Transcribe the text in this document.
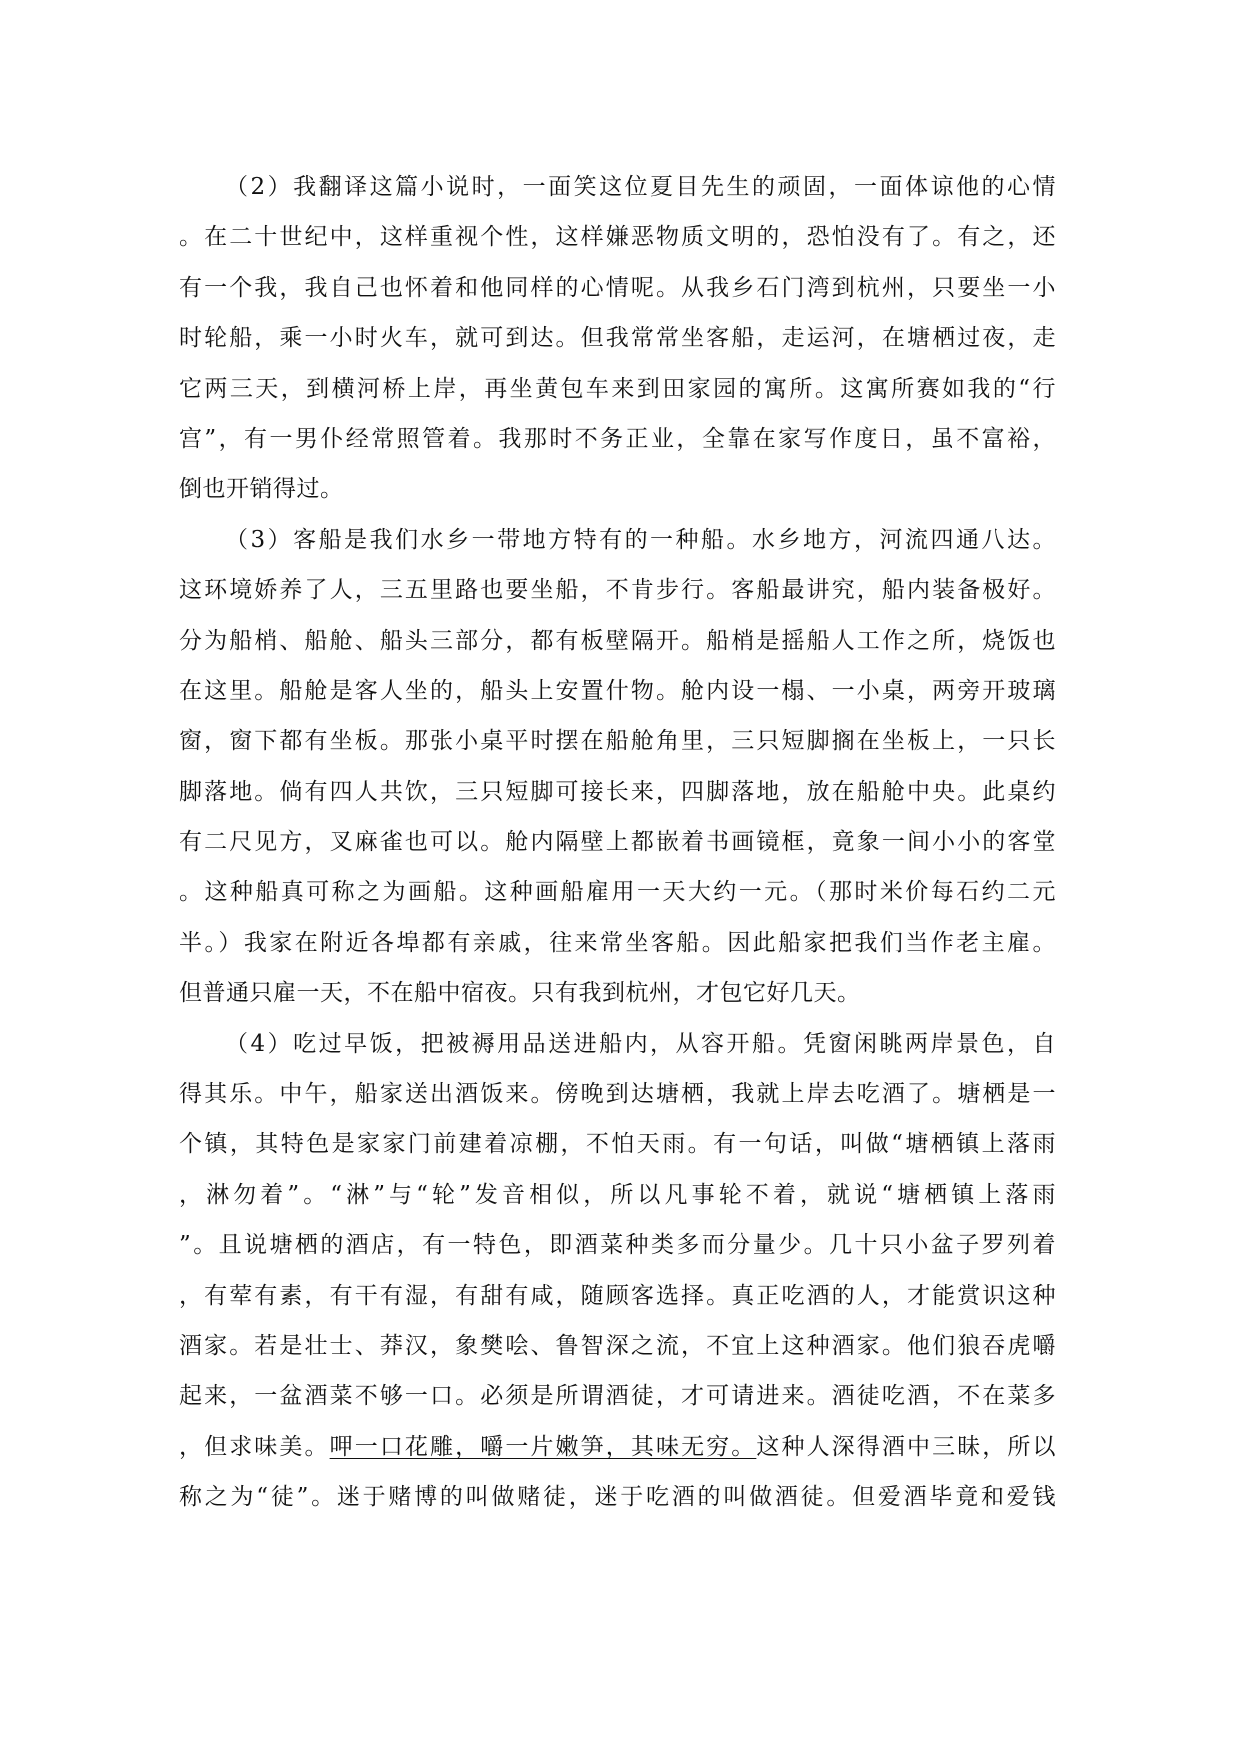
（2）我翻译这篇小说时，一面笑这位夏目先生的顽固，一面体谅他的心情
。在二十世纪中，这样重视个性，这样嫌恶物质文明的，恐怕没有了。有之，还
有一个我，我自己也怀着和他同样的心情呢。从我乡石门湾到杭州，只要坐一小
时轮船，乘一小时火车，就可到达。但我常常坐客船，走运河，在塘栖过夜，走
它两三天，到横河桥上岸，再坐黄包车来到田家园的寓所。这寓所赛如我的“行
宫”，有一男仆经常照管着。我那时不务正业，全靠在家写作度日，虽不富裕，
倒也开销得过。
（3）客船是我们水乡一带地方特有的一种船。水乡地方，河流四通八达。
这环境娇养了人，三五里路也要坐船，不肯步行。客船最讲究，船内装备极好。
分为船梢、船舱、船头三部分，都有板壁隔开。船梢是摇船人工作之所，烧饭也
在这里。船舱是客人坐的，船头上安置什物。舱内设一榻、一小桌，两旁开玻璃
窗，窗下都有坐板。那张小桌平时摆在船舱角里，三只短脚搁在坐板上，一只长
脚落地。倘有四人共饮，三只短脚可接长来，四脚落地，放在船舱中央。此桌约
有二尺见方，叉麻雀也可以。舱内隔壁上都嵌着书画镜框，竟象一间小小的客堂
。这种船真可称之为画船。这种画船雇用一天大约一元。（那时米价每石约二元
半。）我家在附近各埠都有亲戚，往来常坐客船。因此船家把我们当作老主雇。
但普通只雇一天，不在船中宿夜。只有我到杭州，才包它好几天。
（4）吃过早饭，把被褥用品送进船内，从容开船。凭窗闲眺两岸景色，自
得其乐。中午，船家送出酒饭来。傍晚到达塘栖，我就上岸去吃酒了。塘栖是一
个镇，其特色是家家门前建着凉棚，不怕天雨。有一句话，叫做“塘栖镇上落雨
，淋勿着”。“淋”与“轮”发音相似，所以凡事轮不着，就说“塘栖镇上落雨
”。且说塘栖的酒店，有一特色，即酒菜种类多而分量少。几十只小盆子罗列着
，有荤有素，有干有湿，有甜有咸，随顾客选择。真正吃酒的人，才能赏识这种
酒家。若是壮士、莽汉，象樊哙、鲁智深之流，不宜上这种酒家。他们狼吞虎嚼
起来，一盆酒菜不够一口。必须是所谓酒徒，才可请进来。酒徒吃酒，不在菜多
，但求味美。呷一口花雕，嚼一片嫩笋，其味无穷。这种人深得酒中三昧，所以
称之为“徒”。迷于赌博的叫做赌徒，迷于吃酒的叫做酒徒。但爱酒毕竟和爱钱
